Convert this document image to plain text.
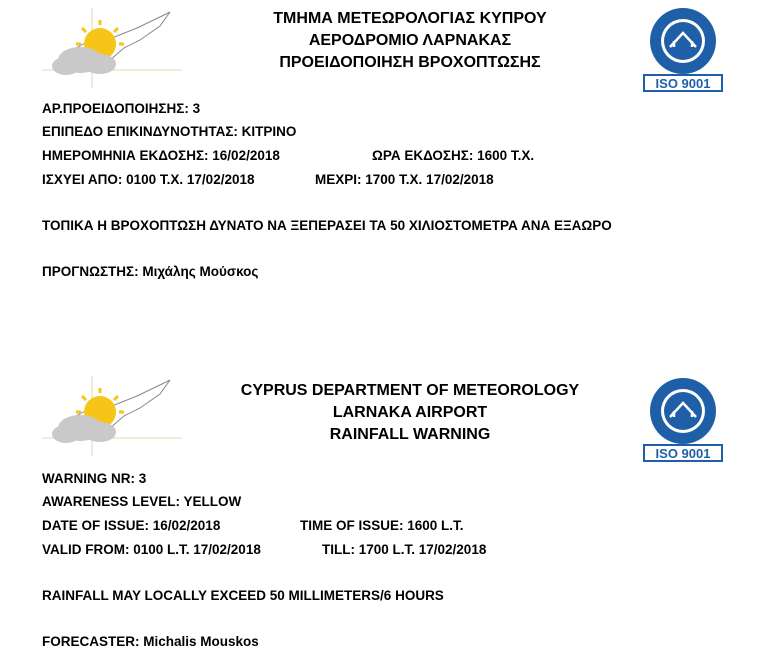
ΤΜΗΜΑ ΜΕΤΕΩΡΟΛΟΓΙΑΣ ΚΥΠΡΟΥ
ΑΕΡΟΔΡΟΜΙΟ ΛΑΡΝΑΚΑΣ
ΠΡΟΕΙΔΟΠΟΙΗΣΗ ΒΡΟΧΟΠΤΩΣΗΣ
ISO 9001
ΑΡ.ΠΡΟΕΙΔΟΠΟΙΗΣΗΣ: 3
ΕΠΙΠΕΔΟ ΕΠΙΚΙΝΔΥΝΟΤΗΤΑΣ: ΚΙΤΡΙΝΟ
ΗΜΕΡΟΜΗΝΙΑ ΕΚΔΟΣΗΣ: 16/02/2018	ΩΡΑ ΕΚΔΟΣΗΣ: 1600 Τ.Χ.
ΙΣΧΥΕΙ ΑΠΟ: 0100 Τ.Χ. 17/02/2018	ΜΕΧΡΙ: 1700 Τ.Χ. 17/02/2018
ΤΟΠΙΚΑ Η ΒΡΟΧΟΠΤΩΣΗ ΔΥΝΑΤΟ ΝΑ ΞΕΠΕΡΑΣΕΙ ΤΑ 50 ΧΙΛΙΟΣΤΟΜΕΤΡΑ ΑΝΑ ΕΞΑΩΡΟ
ΠΡΟΓΝΩΣΤΗΣ: Μιχάλης Μούσκος
CYPRUS DEPARTMENT OF METEOROLOGY
LARNAKA AIRPORT
RAINFALL WARNING
ISO 9001
WARNING NR: 3
AWARENESS LEVEL: YELLOW
DATE OF ISSUE: 16/02/2018	TIME OF ISSUE: 1600 L.T.
VALID FROM: 0100 L.T. 17/02/2018	TILL: 1700 L.T. 17/02/2018
RAINFALL MAY LOCALLY EXCEED 50 MILLIMETERS/6 HOURS
FORECASTER: Michalis Mouskos
